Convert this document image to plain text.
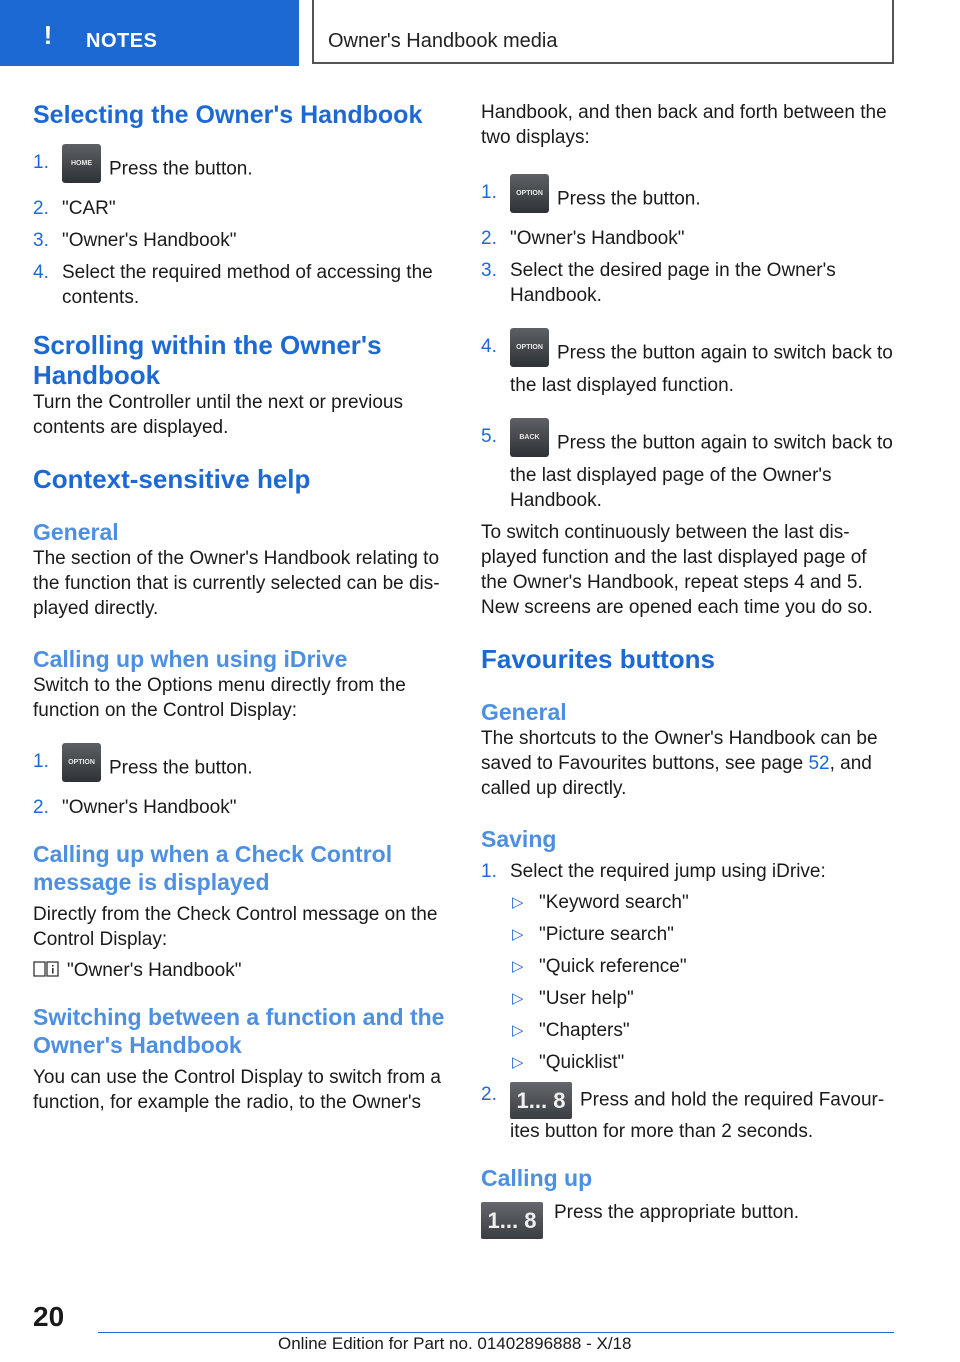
! NOTES	Owner's Handbook media
Selecting the Owner's Handbook
1.	HOME Press the button.
2. "CAR"
3. "Owner's Handbook"
4. Select the required method of accessing the contents.
Scrolling within the Owner's Handbook

Turn the Controller until the next or previous contents are displayed.

Context-sensitive help
General

The section of the Owner's Handbook relating to the function that is currently selected can be displayed directly.

Calling up when using iDrive

Switch to the Options menu directly from the function on the Control Display:

1.	OPTION Press the button.
2. "Owner's Handbook"
Calling up when a Check Control message is displayed

Directly from the Check Control message on the Control Display:

"Owner's Handbook"

Switching between a function and the Owner's Handbook

You can use the Control Display to switch from a function, for example the radio, to the Owner's

Handbook, and then back and forth between the two displays:

1.	OPTION Press the button.
2. "Owner's Handbook"
3. Select the desired page in the Owner's Handbook.
4.	OPTION Press the button again to switch back to the last displayed function.
5.	BACK Press the button again to switch back to the last displayed page of the Owner's Handbook.

To switch continuously between the last displayed function and the last displayed page of the Owner's Handbook, repeat steps 4 and 5. New screens are opened each time you do so.

Favourites buttons
General

The shortcuts to the Owner's Handbook can be saved to Favourites buttons, see page 52, and called up directly.

Saving
1. Select the required jump using iDrive:
▷ "Keyword search"
▷ "Picture search"
▷ "Quick reference"
▷ "User help"
▷ "Chapters"
▷ "Quicklist"
2. 1... 8 Press and hold the required Favourites button for more than 2 seconds.
Calling up

1... 8 Press the appropriate button.

20
Online Edition for Part no. 01402896888 - X/18
